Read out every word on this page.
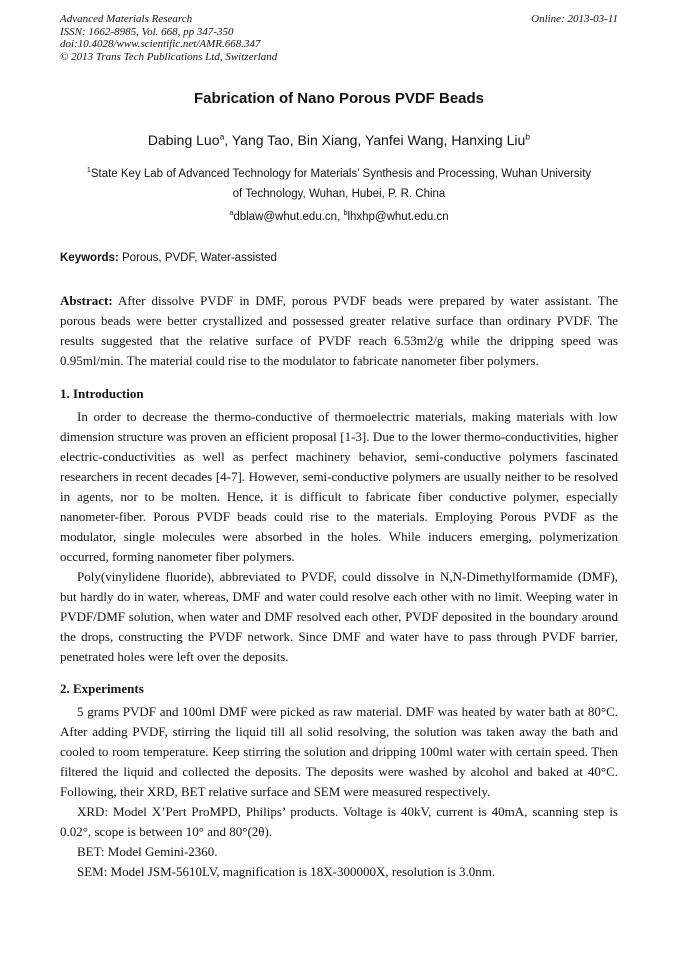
Advanced Materials Research
ISSN: 1662-8985, Vol. 668, pp 347-350
doi:10.4028/www.scientific.net/AMR.668.347
© 2013 Trans Tech Publications Ltd, Switzerland
Online: 2013-03-11
Fabrication of Nano Porous PVDF Beads
Dabing Luo$^a$, Yang Tao, Bin Xiang, Yanfei Wang, Hanxing Liu$^b$
$^1$State Key Lab of Advanced Technology for Materials’ Synthesis and Processing, Wuhan University
of Technology, Wuhan, Hubei, P. R. China
$^a$dblaw@whut.edu.cn, $^b$lhxhp@whut.edu.cn
Keywords: Porous, PVDF, Water-assisted
Abstract: After dissolve PVDF in DMF, porous PVDF beads were prepared by water assistant. The porous beads were better crystallized and possessed greater relative surface than ordinary PVDF. The results suggested that the relative surface of PVDF reach 6.53m2/g while the dripping speed was 0.95ml/min. The material could rise to the modulator to fabricate nanometer fiber polymers.
1. Introduction
In order to decrease the thermo-conductive of thermoelectric materials, making materials with low dimension structure was proven an efficient proposal [1-3]. Due to the lower thermo-conductivities, higher electric-conductivities as well as perfect machinery behavior, semi-conductive polymers fascinated researchers in recent decades [4-7]. However, semi-conductive polymers are usually neither to be resolved in agents, nor to be molten. Hence, it is difficult to fabricate fiber conductive polymer, especially nanometer-fiber. Porous PVDF beads could rise to the materials. Employing Porous PVDF as the modulator, single molecules were absorbed in the holes. While inducers emerging, polymerization occurred, forming nanometer fiber polymers.
Poly(vinylidene fluoride), abbreviated to PVDF, could dissolve in N,N-Dimethylformamide (DMF), but hardly do in water, whereas, DMF and water could resolve each other with no limit. Weeping water in PVDF/DMF solution, when water and DMF resolved each other, PVDF deposited in the boundary around the drops, constructing the PVDF network. Since DMF and water have to pass through PVDF barrier, penetrated holes were left over the deposits.
2. Experiments
5 grams PVDF and 100ml DMF were picked as raw material. DMF was heated by water bath at 80°C. After adding PVDF, stirring the liquid till all solid resolving, the solution was taken away the bath and cooled to room temperature. Keep stirring the solution and dripping 100ml water with certain speed. Then filtered the liquid and collected the deposits. The deposits were washed by alcohol and baked at 40°C. Following, their XRD, BET relative surface and SEM were measured respectively.
XRD: Model X’Pert ProMPD, Philips’ products. Voltage is 40kV, current is 40mA, scanning step is 0.02°, scope is between 10° and 80°(2θ).
BET: Model Gemini-2360.
SEM: Model JSM-5610LV, magnification is 18X-300000X, resolution is 3.0nm.
